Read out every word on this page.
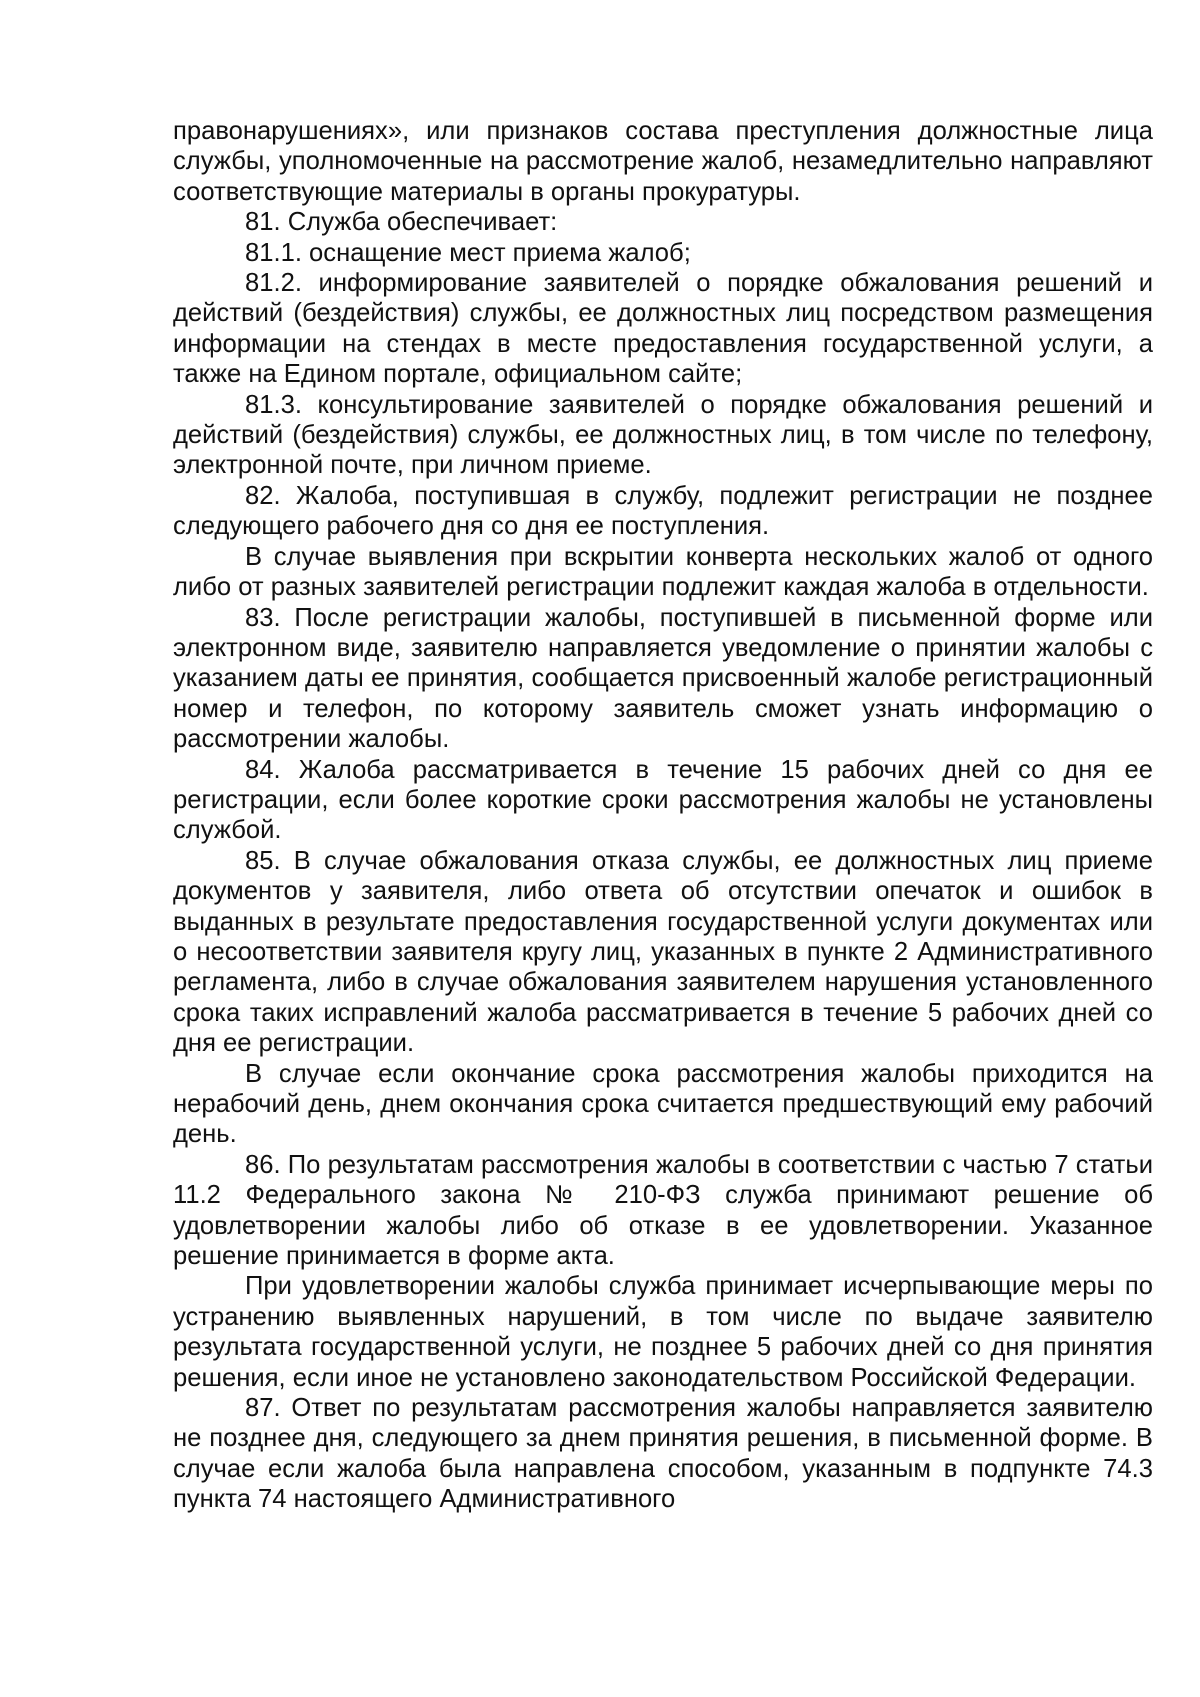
правонарушениях», или признаков состава преступления должностные лица службы, уполномоченные на рассмотрение жалоб, незамедлительно направляют соответствующие материалы в органы прокуратуры.

81. Служба обеспечивает:

81.1. оснащение мест приема жалоб;

81.2. информирование заявителей о порядке обжалования решений и действий (бездействия) службы, ее должностных лиц посредством размещения информации на стендах в месте предоставления государственной услуги, а также на Едином портале, официальном сайте;

81.3. консультирование заявителей о порядке обжалования решений и действий (бездействия) службы, ее должностных лиц, в том числе по телефону, электронной почте, при личном приеме.

82. Жалоба, поступившая в службу, подлежит регистрации не позднее следующего рабочего дня со дня ее поступления.

В случае выявления при вскрытии конверта нескольких жалоб от одного либо от разных заявителей регистрации подлежит каждая жалоба в отдельности.

83. После регистрации жалобы, поступившей в письменной форме или электронном виде, заявителю направляется уведомление о принятии жалобы с указанием даты ее принятия, сообщается присвоенный жалобе регистрационный номер и телефон, по которому заявитель сможет узнать информацию о рассмотрении жалобы.

84. Жалоба рассматривается в течение 15 рабочих дней со дня ее регистрации, если более короткие сроки рассмотрения жалобы не установлены службой.

85. В случае обжалования отказа службы, ее должностных лиц приеме документов у заявителя, либо ответа об отсутствии опечаток и ошибок в выданных в результате предоставления государственной услуги документах или о несоответствии заявителя кругу лиц, указанных в пункте 2 Административного регламента, либо в случае обжалования заявителем нарушения установленного срока таких исправлений жалоба рассматривается в течение 5 рабочих дней со дня ее регистрации.

В случае если окончание срока рассмотрения жалобы приходится на нерабочий день, днем окончания срока считается предшествующий ему рабочий день.

86. По результатам рассмотрения жалобы в соответствии с частью 7 статьи 11.2 Федерального закона № 210-ФЗ служба принимают решение об удовлетворении жалобы либо об отказе в ее удовлетворении. Указанное решение принимается в форме акта.

При удовлетворении жалобы служба принимает исчерпывающие меры по устранению выявленных нарушений, в том числе по выдаче заявителю результата государственной услуги, не позднее 5 рабочих дней со дня принятия решения, если иное не установлено законодательством Российской Федерации.

87. Ответ по результатам рассмотрения жалобы направляется заявителю не позднее дня, следующего за днем принятия решения, в письменной форме. В случае если жалоба была направлена способом, указанным в подпункте 74.3 пункта 74 настоящего Административного
